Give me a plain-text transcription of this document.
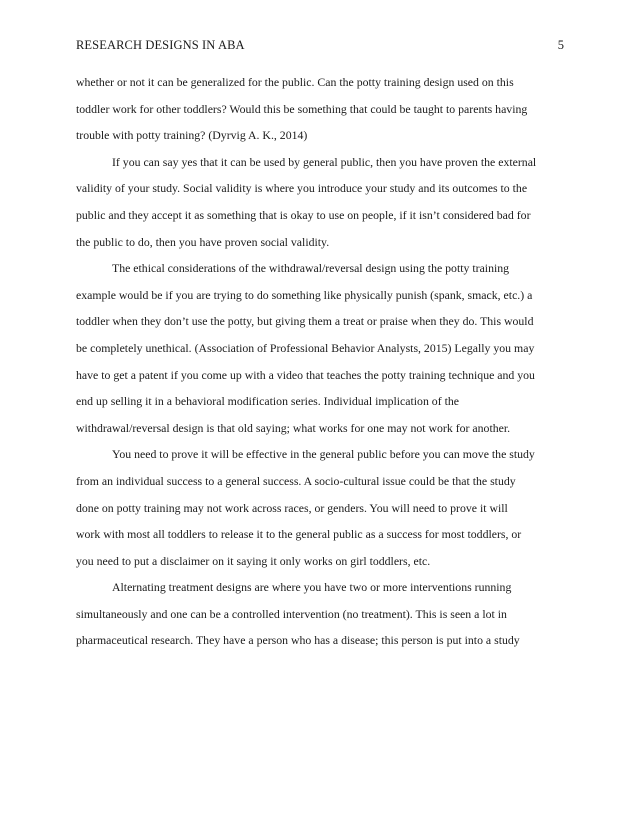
RESEARCH DESIGNS IN ABA	5
whether or not it can be generalized for the public. Can the potty training design used on this
toddler work for other toddlers? Would this be something that could be taught to parents having
trouble with potty training? (Dyrvig A. K., 2014)
If you can say yes that it can be used by general public, then you have proven the external
validity of your study. Social validity is where you introduce your study and its outcomes to the
public and they accept it as something that is okay to use on people, if it isn’t considered bad for
the public to do, then you have proven social validity.
The ethical considerations of the withdrawal/reversal design using the potty training
example would be if you are trying to do something like physically punish (spank, smack, etc.) a
toddler when they don’t use the potty, but giving them a treat or praise when they do. This would
be completely unethical. (Association of Professional Behavior Analysts, 2015) Legally you may
have to get a patent if you come up with a video that teaches the potty training technique and you
end up selling it in a behavioral modification series. Individual implication of the
withdrawal/reversal design is that old saying; what works for one may not work for another.
You need to prove it will be effective in the general public before you can move the study
from an individual success to a general success. A socio-cultural issue could be that the study
done on potty training may not work across races, or genders. You will need to prove it will
work with most all toddlers to release it to the general public as a success for most toddlers, or
you need to put a disclaimer on it saying it only works on girl toddlers, etc.
Alternating treatment designs are where you have two or more interventions running
simultaneously and one can be a controlled intervention (no treatment). This is seen a lot in
pharmaceutical research. They have a person who has a disease; this person is put into a study
